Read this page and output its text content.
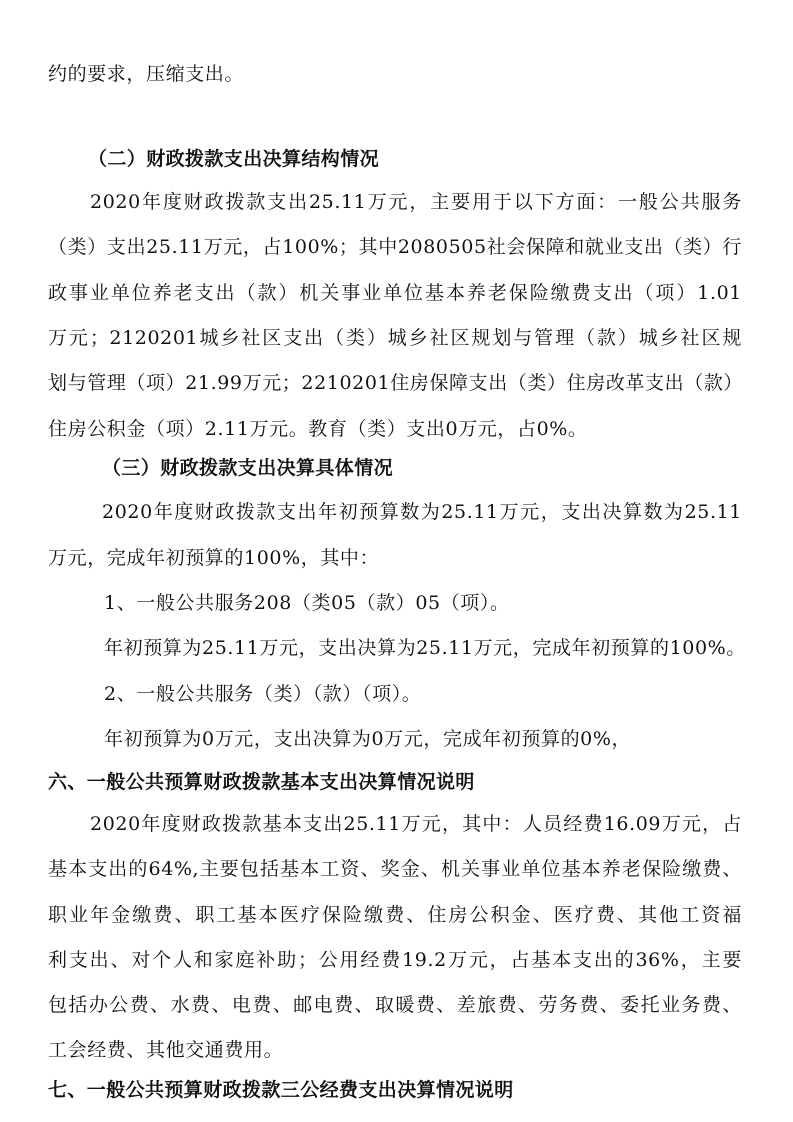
约的要求，压缩支出。
（二）财政拨款支出决算结构情况
2020年度财政拨款支出25.11万元，主要用于以下方面：一般公共服务
（类）支出25.11万元，占100%；其中2080505社会保障和就业支出（类）行
政事业单位养老支出（款）机关事业单位基本养老保险缴费支出（项）1.01
万元；2120201城乡社区支出（类）城乡社区规划与管理（款）城乡社区规
划与管理（项）21.99万元；2210201住房保障支出（类）住房改革支出（款）
住房公积金（项）2.11万元。教育（类）支出0万元，占0%。
（三）财政拨款支出决算具体情况
2020年度财政拨款支出年初预算数为25.11万元，支出决算数为25.11
万元，完成年初预算的100%，其中：
1、一般公共服务208（类05（款）05（项）。
年初预算为25.11万元，支出决算为25.11万元，完成年初预算的100%。
2、一般公共服务（类）（款）（项）。
年初预算为0万元，支出决算为0万元，完成年初预算的0%，
六、一般公共预算财政拨款基本支出决算情况说明
2020年度财政拨款基本支出25.11万元，其中：人员经费16.09万元，占
基本支出的64%,主要包括基本工资、奖金、机关事业单位基本养老保险缴费、
职业年金缴费、职工基本医疗保险缴费、住房公积金、医疗费、其他工资福
利支出、对个人和家庭补助；公用经费19.2万元，占基本支出的36%，主要
包括办公费、水费、电费、邮电费、取暖费、差旅费、劳务费、委托业务费、
工会经费、其他交通费用。
七、一般公共预算财政拨款三公经费支出决算情况说明
